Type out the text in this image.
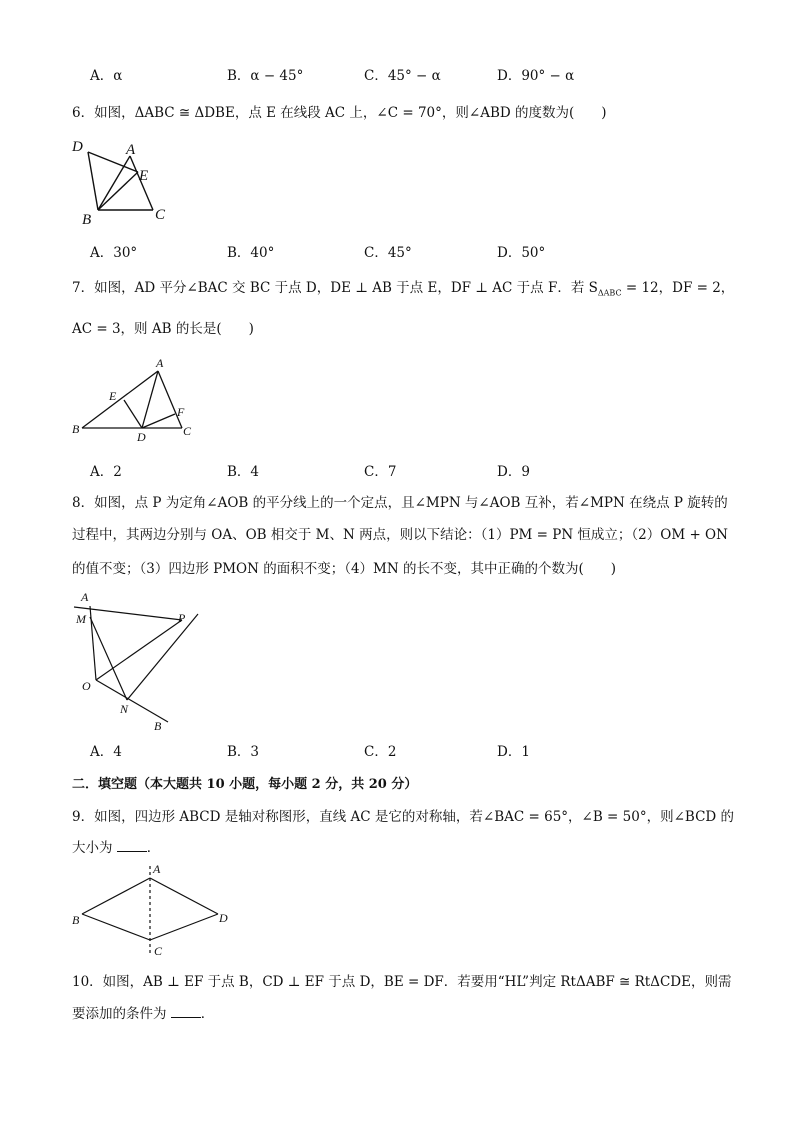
A．α	B．α − 45°	C．45° − α	D．90° − α
6．如图，ΔABC ≅ ΔDBE，点 E 在线段 AC 上，∠C = 70°，则∠ABD 的度数为(　　)
D	A
E
B	C
A．30°	B．40°	C．45°	D．50°
7．如图，AD 平分∠BAC 交 BC 于点 D，DE ⊥ AB 于点 E，DF ⊥ AC 于点 F．若 $S_{\Delta ABC} = 12$，DF = 2，
AC = 3，则 AB 的长是(　　)
A
E
F
B
D	C
A．2	B．4	C．7	D．9
8．如图，点 P 为定角∠AOB 的平分线上的一个定点，且∠MPN 与∠AOB 互补，若∠MPN 在绕点 P 旋转的
过程中，其两边分别与 OA、OB 相交于 M、N 两点，则以下结论：（1）PM = PN 恒成立；（2）OM + ON
的值不变；（3）四边形 PMON 的面积不变；（4）MN 的长不变，其中正确的个数为(　　)
A
M	P
O
N
B
A．4	B．3	C．2	D．1
二．填空题（本大题共 10 小题，每小题 2 分，共 20 分）
9．如图，四边形 ABCD 是轴对称图形，直线 AC 是它的对称轴，若∠BAC = 65°，∠B = 50°，则∠BCD 的
大小为	．
A
B	D
C
10．如图，AB ⊥ EF 于点 B，CD ⊥ EF 于点 D，BE = DF．若要用“HL”判定 RtΔABF ≅ RtΔCDE，则需
要添加的条件为	．
